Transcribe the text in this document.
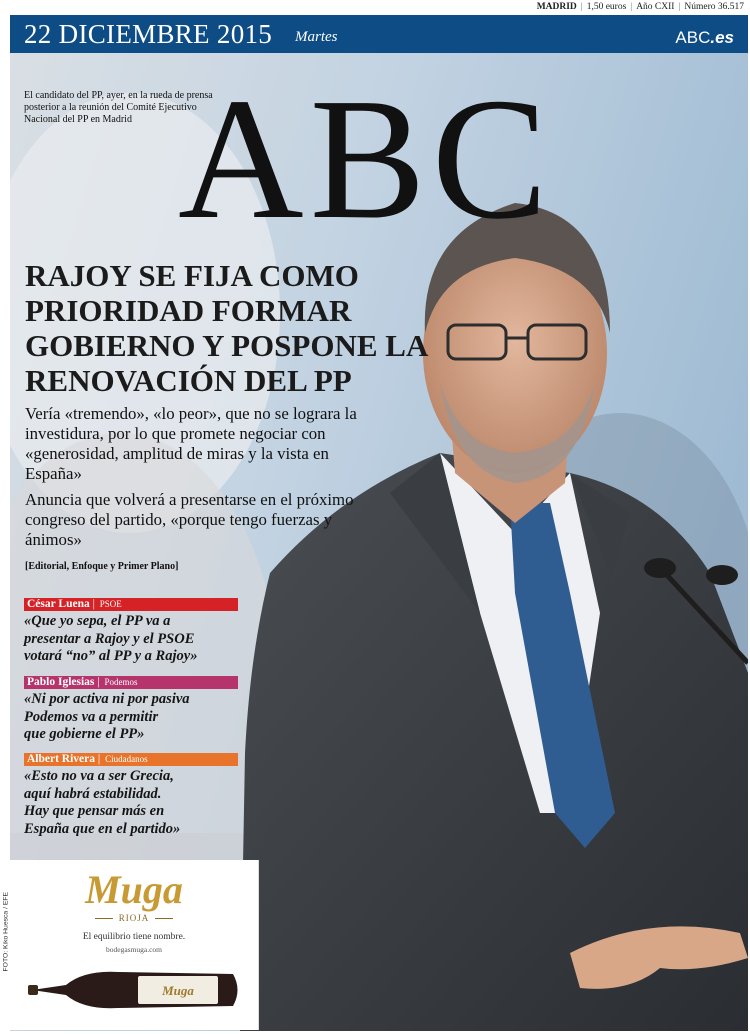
MADRID | 1,50 euros | Año CXII | Número 36.517
22 DICIEMBRE 2015 Martes	ABC.es
El candidato del PP, ayer, en la rueda de prensa posterior a la reunión del Comité Ejecutivo Nacional del PP en Madrid ABC
RAJOY SE FIJA COMO PRIORIDAD FORMAR GOBIERNO Y POSPONE LA RENOVACIÓN DEL PP

Vería «tremendo», «lo peor», que no se lograra la investidura, por lo que promete negociar con «generosidad, amplitud de miras y la vista en España»

Anuncia que volverá a presentarse en el próximo congreso del partido, «porque tengo fuerzas y ánimos»

[Editorial, Enfoque y Primer Plano]
César Luena | PSOE
«Que yo sepa, el PP va a
presentar a Rajoy y el PSOE
votará “no” al PP y a Rajoy»
Pablo Iglesias | Podemos
«Ni por activa ni por pasiva
Podemos va a permitir
que gobierne el PP»
Albert Rivera | Ciudadanos
«Esto no va a ser Grecia,
aquí habrá estabilidad.
Hay que pensar más en
España que en el partido»
FOTO: Kiko Huesca / EFE
Muga
RIOJA
El equilibrio tiene nombre.
bodegasmuga.com
Muga
